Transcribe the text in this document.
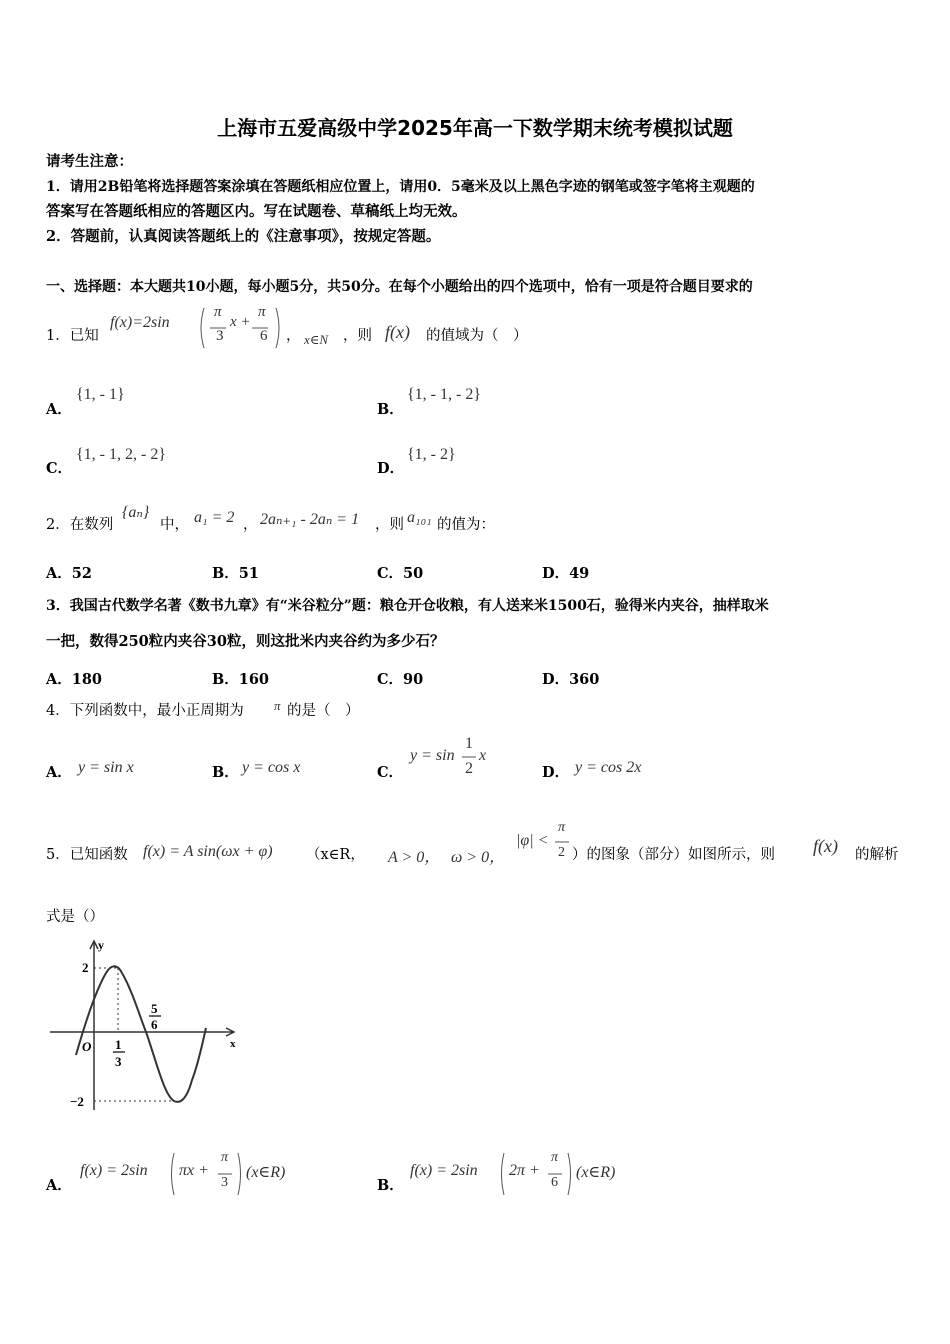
上海市五爱高级中学2025年高一下数学期末统考模拟试题
请考生注意：
1．请用2B铅笔将选择题答案涂填在答题纸相应位置上，请用0．5毫米及以上黑色字迹的钢笔或签字笔将主观题的
答案写在答题纸相应的答题区内。写在试题卷、草稿纸上均无效。
2．答题前，认真阅读答题纸上的《注意事项》，按规定答题。
一、选择题：本大题共10小题，每小题5分，共50分。在每个小题给出的四个选项中，恰有一项是符合题目要求的
1．已知
f(x)=2sin
π
3
x +
π
6 ， x∈N ，则 f(x) 的值域为（　）
A．
{1, - 1}
B．
{1, - 1, - 2}
C．
{1, - 1, 2, - 2}
D．
{1, - 2}
2．在数列
{aₙ}
中， a₁ = 2 ， 2aₙ₊₁ - 2aₙ = 1 ，则 a₁₀₁ 的值为：
A．52	B．51	C．50	D．49
3．我国古代数学名著《数书九章》有“米谷粒分”题：粮仓开仓收粮，有人送来米1500石，验得米内夹谷，抽样取米
一把，数得250粒内夹谷30粒，则这批米内夹谷约为多少石？
A．180	B．160	C．90	D．360
4．下列函数中，最小正周期为 π 的是（　）
A． y = sin x	B． y = cos x	C．
y = sin
1
2
x
D． y = cos 2x
5．已知函数 f(x) = A sin(ωx + φ) （x∈R， A > 0， ω > 0，
|φ| <
π
2 ）的图象（部分）如图所示，则 f(x) 的解析
式是（）
y
x
O
2
−2
1
3
5
6
A．
f(x) = 2sin πx +
π
3
(x∈R)
B．
f(x) = 2sin 2π +
π
6
(x∈R)
